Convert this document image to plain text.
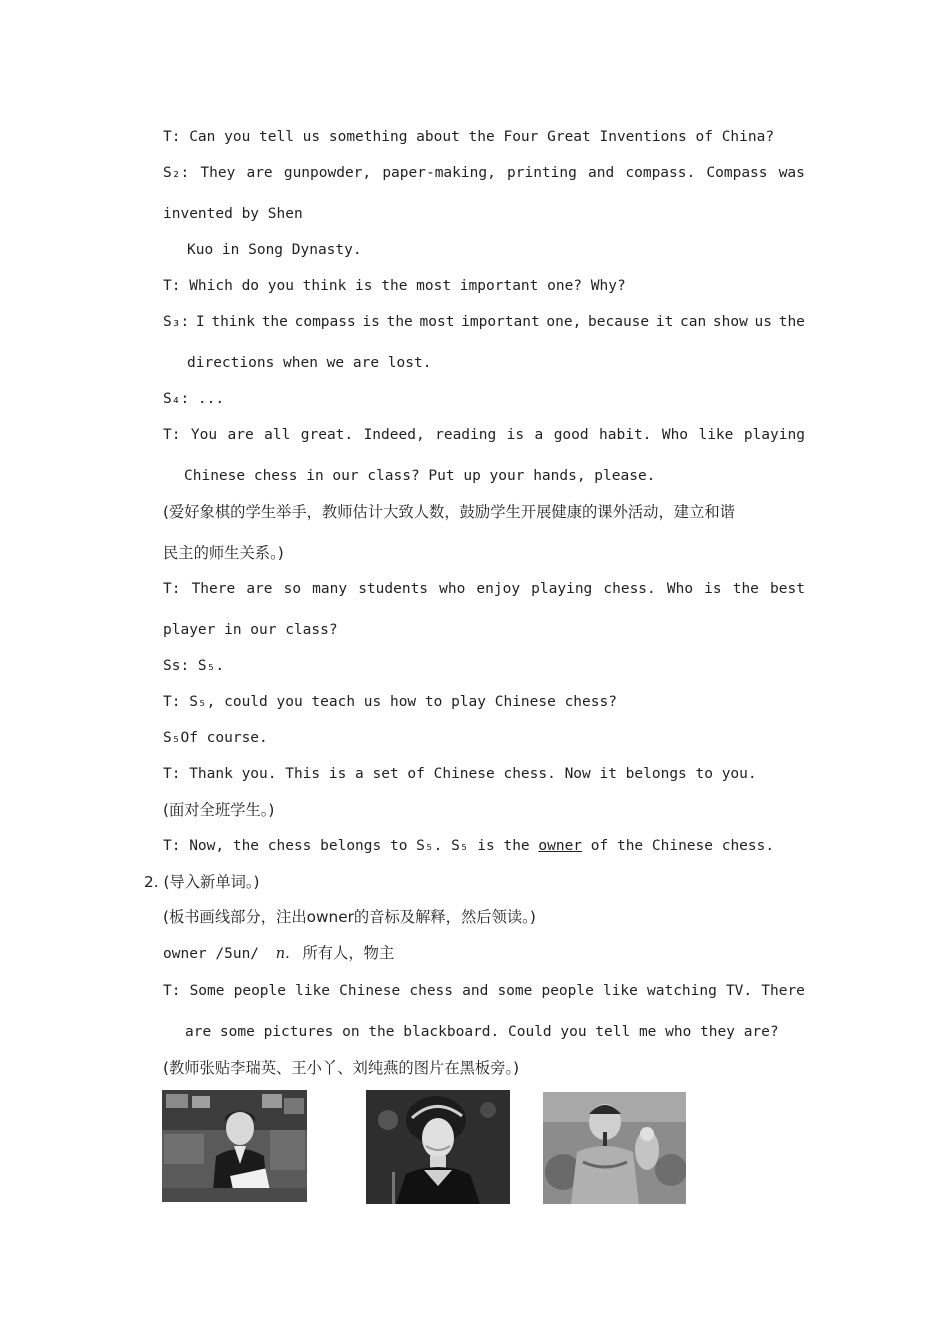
T: Can you tell us something about the Four Great Inventions of China?
S₂: They are gunpowder, paper-making, printing and compass. Compass was
invented by Shen
Kuo in Song Dynasty.
T: Which do you think is the most important one? Why?
S₃: I think the compass is the most important one, because it can show us the
directions when we are lost.
S₄: ...
T: You are all great. Indeed, reading is a good habit. Who like playing
Chinese chess in our class? Put up your hands, please.
(爱好象棋的学生举手，教师估计大致人数，鼓励学生开展健康的课外活动，建立和谐
民主的师生关系。)
T: There are so many students who enjoy playing chess. Who is the best
player in our class?
Ss: S₅.
T: S₅, could you teach us how to play Chinese chess?
S₅Of course.
T: Thank you. This is a set of Chinese chess. Now it belongs to you.
(面对全班学生。)
T: Now, the chess belongs to S₅. S₅ is the owner of the Chinese chess.
2. (导入新单词。)
(板书画线部分，注出owner的音标及解释，然后领读。)
owner /5un/ n. 所有人，物主
T: Some people like Chinese chess and some people like watching TV. There
are some pictures on the blackboard. Could you tell me who they are?
(教师张贴李瑞英、王小丫、刘纯燕的图片在黑板旁。)
